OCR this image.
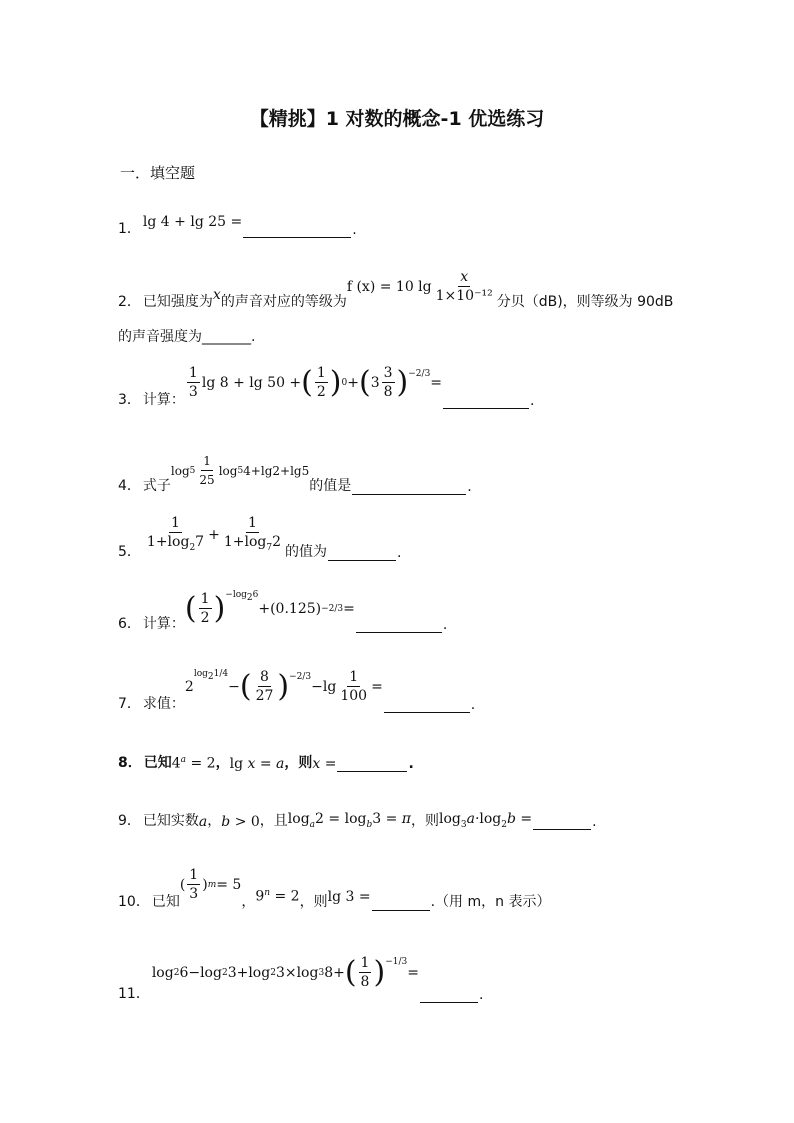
【精挑】1 对数的概念-1 优选练习
一．填空题
1． lg 4 + lg 25 =	.
2． 已知强度为 x 的声音对应的等级为
f (x) = 10 $\lg \frac{x}{\text{1×10⁻¹²}}$ 分贝（dB)，则等级为 90dB
的声音强度为_______.
3． 计算： $\frac{1}{3}$ lg 8 + lg 50 + ( $\frac{1}{2}$ ) 0 + ( $3 \frac{3}{8}$ ) −2/3
=
.
4． 式子
$\log 5 \frac{1}{25}$ log 5 4+lg2+lg5
的值是	.
5． $\frac{1}{1+\log_27} + \frac{1}{1+\log_72}$ 的值为	.
6． 计算： ( $\frac{1}{2}$ ) −log26
+(0.125) −2/3 =
.
7． 求值：
2
log21/4
− ( $\frac{8}{27}$ ) −2/3
$-\lg \frac{1}{100}$ =
.
8． 已知 $4^a = 2$ ， lg x = a ，则 x =	.
9． 已知实数 a ， b > 0 ，且 $\log_a2 = \log_b3 = \pi$ ，则 $\log_3a\cdot\log_2b$ =	.
10． 已知
( $\frac{1}{3}$ ) m = 5
， $9^n = 2$ ，则 lg 3 =	.（用 m，n 表示）
11．
log 2 6−log 2 3+log 2 3×log 3 8+ ( $\frac{1}{8}$ ) −1/3
=
.
